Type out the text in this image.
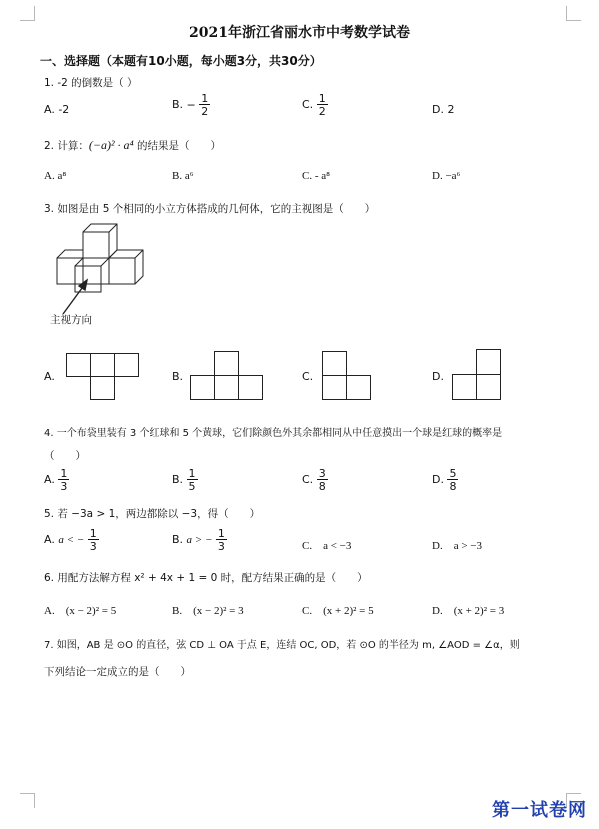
2021年浙江省丽水市中考数学试卷
一、选择题（本题有10小题，每小题3分，共30分）
1. -2 的倒数是（ ）
A. -2	B. − $\frac{1}{2}$	C. $\frac{1}{2}$	D. 2
2. 计算：(−a)² · a⁴ 的结果是（　　）
A. a⁸	B. a⁶	C. - a⁸	D. −a⁶
3. 如图是由 5 个相同的小立方体搭成的几何体，它的主视图是（　　）
主视方向
A.	B.	C.	D.
4. 一个布袋里装有 3 个红球和 5 个黄球，它们除颜色外其余都相同从中任意摸出一个球是红球的概率是
（　　）
A. $\frac{1}{3}$	B. $\frac{1}{5}$	C. $\frac{3}{8}$	D. $\frac{5}{8}$
5. 若 −3a > 1，两边都除以 −3，得（　　）
A. a < − $\frac{1}{3}$	B. a > − $\frac{1}{3}$	C.　a < −3	D.　a > −3
6. 用配方法解方程 x² + 4x + 1 = 0 时，配方结果正确的是（　　）
A.　(x − 2)² = 5	B.　(x − 2)² = 3	C.　(x + 2)² = 5	D.　(x + 2)² = 3
7. 如图，AB 是 ⊙O 的直径，弦 CD ⊥ OA 于点 E，连结 OC, OD，若 ⊙O 的半径为 m, ∠AOD = ∠α，则
下列结论一定成立的是（　　）
第一试卷网
